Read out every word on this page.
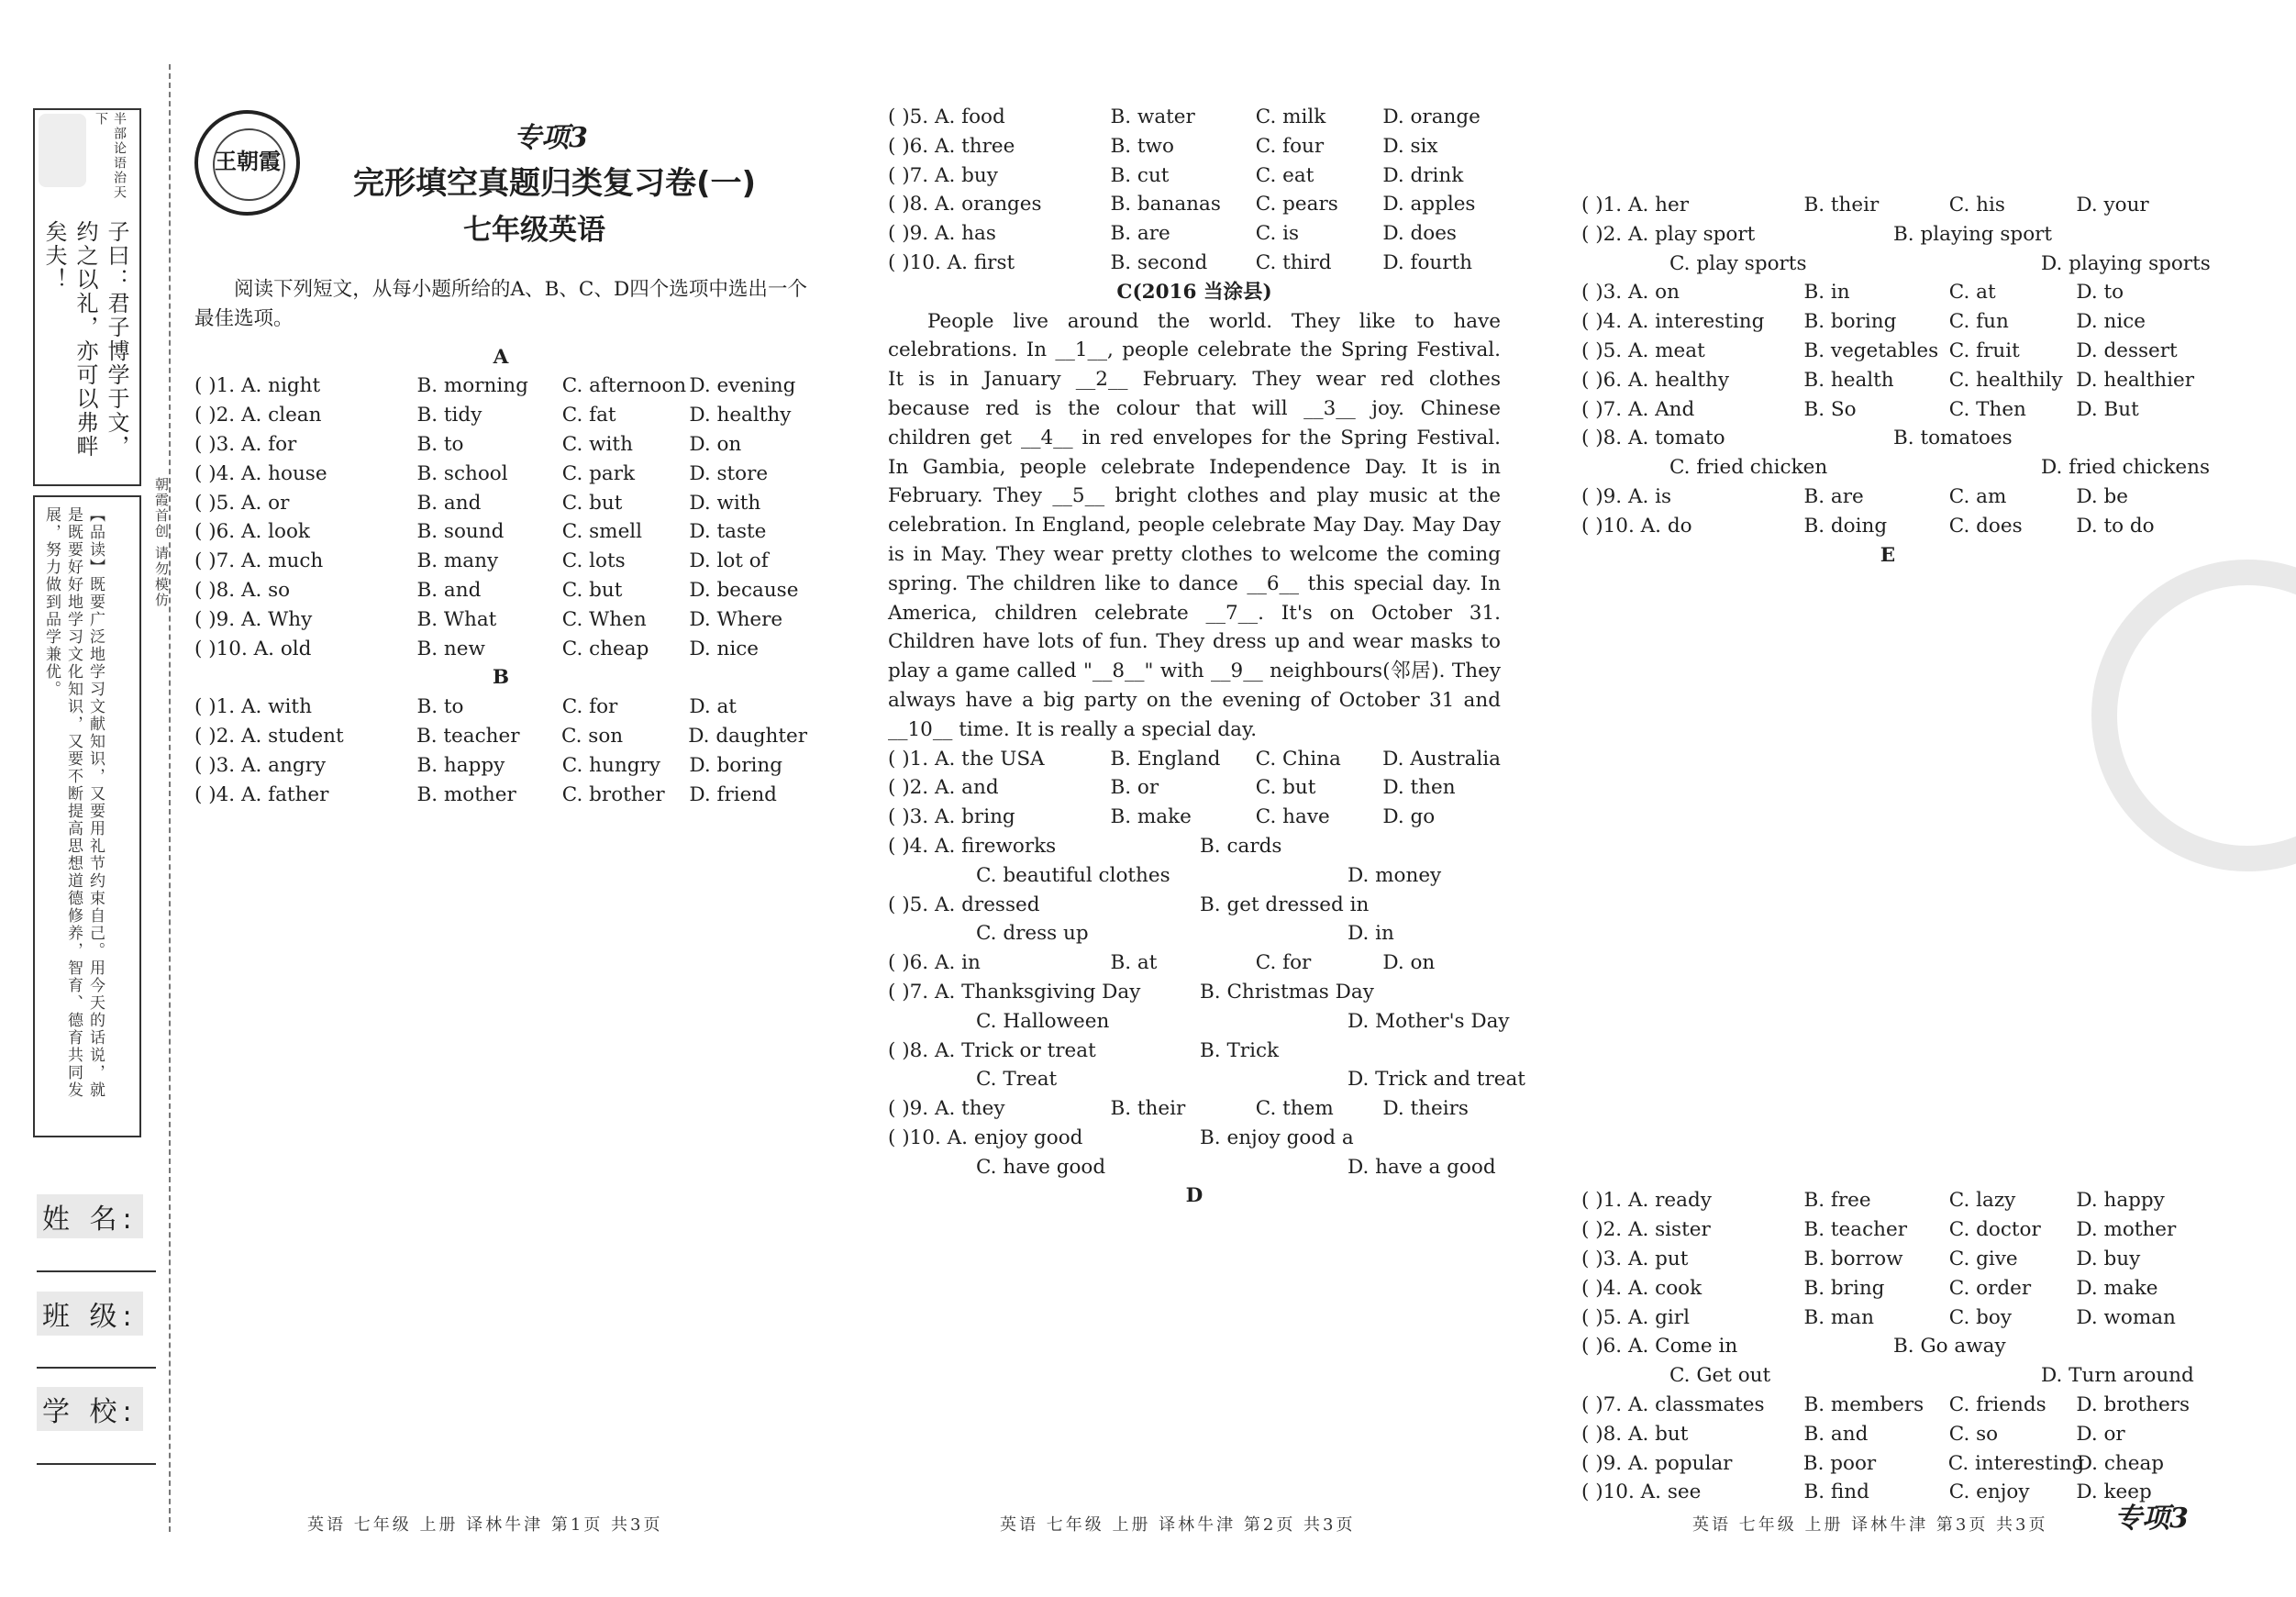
子曰：君子博学于文，约之以礼，亦可以弗畔矣夫！
半部论语治天下
【品读】既要广泛地学习文献知识，又要用礼节约束自己。用今天的话说，就是既要好好地学习文化知识，又要不断提高思想道德修养，智育、德育共同发展，努力做到品学兼优。	朝霞首创 请勿模仿
姓 名:
班 级:
学 校:
王朝霞
专项3
完形填空真题归类复习卷(一)
七年级英语

阅读下列短文，从每小题所给的A、B、C、D四个选项中选出一个最佳选项。

A

( )1. A. night	B. morning	C. afternoon D. evening
( )2. A. clean	B. tidy	C. fat	D. healthy
( )3. A. for	B. to	C. with	D. on
( )4. A. house	B. school	C. park	D. store
( )5. A. or	B. and	C. but	D. with
( )6. A. look	B. sound	C. smell	D. taste
( )7. A. much	B. many	C. lots	D. lot of
( )8. A. so	B. and	C. but	D. because
( )9. A. Why	B. What	C. When	D. Where
( )10. A. old	B. new	C. cheap	D. nice

B

( )1. A. with	B. to	C. for	D. at
( )2. A. student	B. teacher	C. son	D. daughter
( )3. A. angry	B. happy	C. hungry	D. boring
( )4. A. father	B. mother	C. brother	D. friend
英语 七年级 上册 译林牛津 第1页 共3页
( )5. A. food	B. water	C. milk	D. orange
( )6. A. three	B. two	C. four	D. six
( )7. A. buy	B. cut	C. eat	D. drink
( )8. A. oranges	B. bananas	C. pears	D. apples
( )9. A. has	B. are	C. is	D. does
( )10. A. first	B. second	C. third	D. fourth

C(2016 当涂县)

People live around the world. They like to have celebrations. In __1__, people celebrate the Spring Festival. It is in January __2__ February. They wear red clothes because red is the colour that will __3__ joy. Chinese children get __4__ in red envelopes for the Spring Festival. In Gambia, people celebrate Independence Day. It is in February. They __5__ bright clothes and play music at the celebration. In England, people celebrate May Day. May Day is in May. They wear pretty clothes to welcome the coming spring. The children like to dance __6__ this special day. In America, children celebrate __7__. It's on October 31. Children have lots of fun. They dress up and wear masks to play a game called "__8__" with __9__ neighbours(邻居). They always have a big party on the evening of October 31 and __10__ time. It is really a special day.

( )1. A. the USA	B. England	C. China	D. Australia
( )2. A. and	B. or	C. but	D. then
( )3. A. bring	B. make	C. have	D. go
( )4. A. fireworks	B. cards
C. beautiful clothes	D. money
( )5. A. dressed	B. get dressed in
C. dress up	D. in
( )6. A. in	B. at	C. for	D. on
( )7. A. Thanksgiving Day	B. Christmas Day
C. Halloween	D. Mother's Day
( )8. A. Trick or treat	B. Trick
C. Treat	D. Trick and treat
( )9. A. they	B. their	C. them	D. theirs
( )10. A. enjoy good	B. enjoy good a
C. have good	D. have a good

D

英语 七年级 上册 译林牛津 第2页 共3页
( )1. A. her	B. their	C. his	D. your
( )2. A. play sport	B. playing sport
C. play sports	D. playing sports
( )3. A. on	B. in	C. at	D. to
( )4. A. interesting	B. boring	C. fun	D. nice
( )5. A. meat	B. vegetables C. fruit	D. dessert
( )6. A. healthy	B. health	C. healthily D. healthier
( )7. A. And	B. So	C. Then	D. But
( )8. A. tomato	B. tomatoes
C. fried chicken	D. fried chickens
( )9. A. is	B. are	C. am	D. be
( )10. A. do	B. doing	C. does	D. to do

E

( )1. A. ready	B. free	C. lazy	D. happy
( )2. A. sister	B. teacher	C. doctor	D. mother
( )3. A. put	B. borrow	C. give	D. buy
( )4. A. cook	B. bring	C. order	D. make
( )5. A. girl	B. man	C. boy	D. woman
( )6. A. Come in	B. Go away
C. Get out	D. Turn around
( )7. A. classmates	B. members	C. friends	D. brothers
( )8. A. but	B. and	C. so	D. or
( )9. A. popular	B. poor	C. interesting
D. cheap
( )10. A. see	B. find	C. enjoy	D. keep
英语 七年级 上册 译林牛津 第3页 共3页 专项3
